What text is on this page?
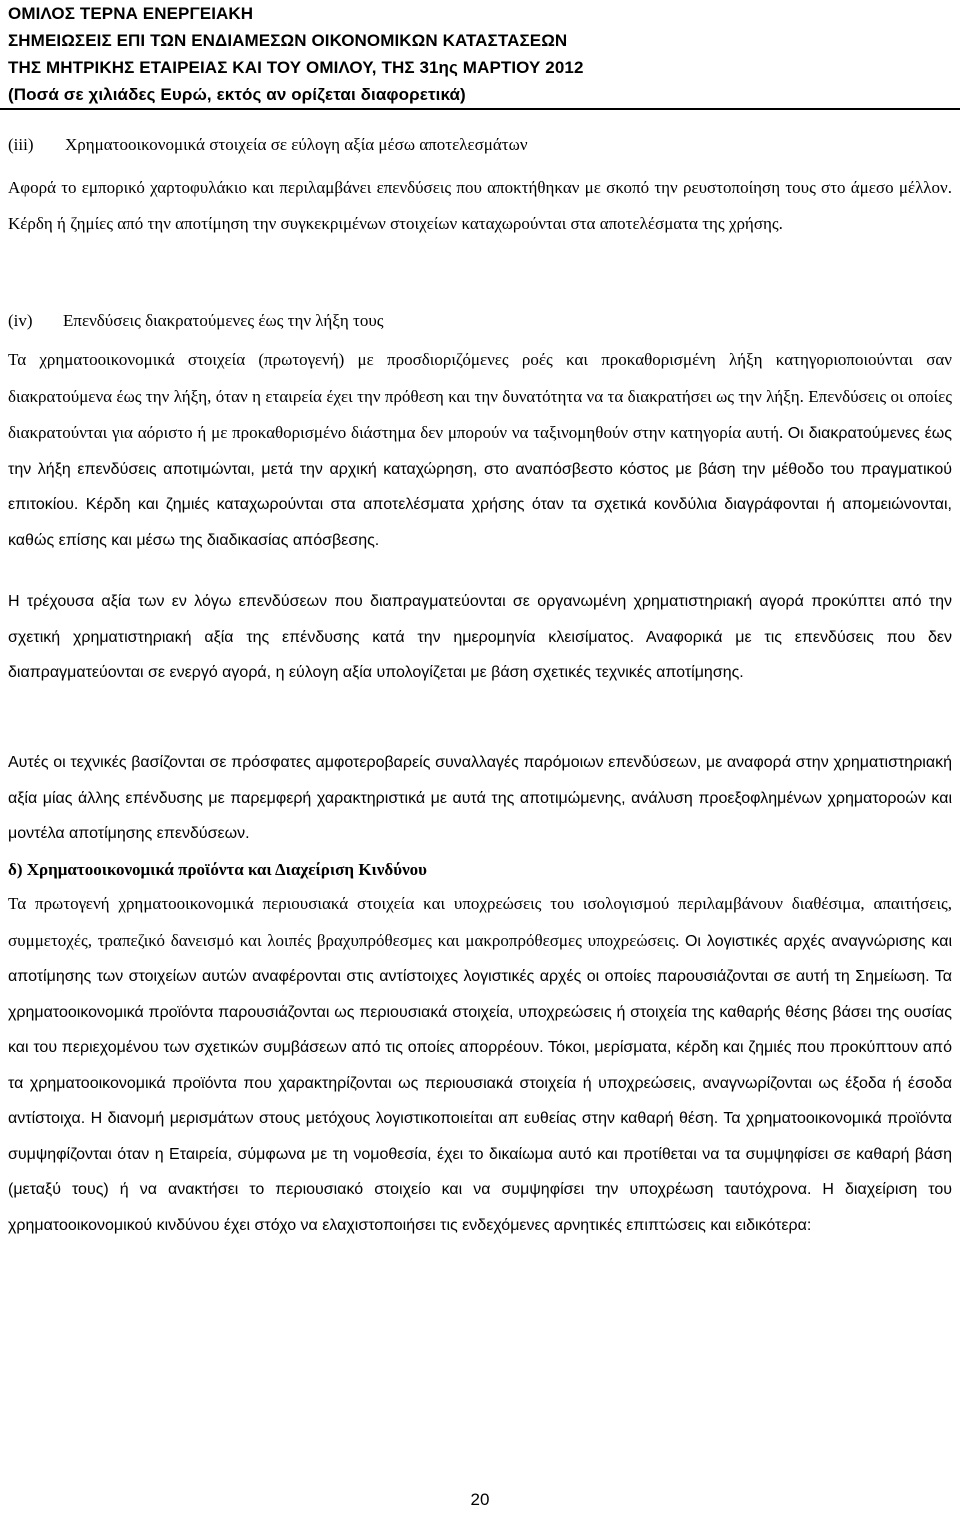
ΟΜΙΛΟΣ ΤΕΡΝΑ ΕΝΕΡΓΕΙΑΚΗ
ΣΗΜΕΙΩΣΕΙΣ ΕΠΙ ΤΩΝ ΕΝΔΙΑΜΕΣΩΝ ΟΙΚΟΝΟΜΙΚΩΝ ΚΑΤΑΣΤΑΣΕΩΝ
ΤΗΣ ΜΗΤΡΙΚΗΣ ΕΤΑΙΡΕΙΑΣ ΚΑΙ ΤΟΥ ΟΜΙΛΟΥ, ΤΗΣ 31ης ΜΑΡΤΙΟΥ 2012
(Ποσά σε χιλιάδες Ευρώ, εκτός αν ορίζεται διαφορετικά)
(iii) Χρηματοοικονομικά στοιχεία σε εύλογη αξία μέσω αποτελεσμάτων
Αφορά το εμπορικό χαρτοφυλάκιο και περιλαμβάνει επενδύσεις που αποκτήθηκαν με σκοπό την ρευστοποίηση τους στο άμεσο μέλλον. Κέρδη ή ζημίες από την αποτίμηση την συγκεκριμένων στοιχείων καταχωρούνται στα αποτελέσματα της χρήσης.
(iv) Επενδύσεις διακρατούμενες έως την λήξη τους
Τα χρηματοοικονομικά στοιχεία (πρωτογενή) με προσδιοριζόμενες ροές και προκαθορισμένη λήξη κατηγοριοποιούνται σαν διακρατούμενα έως την λήξη, όταν η εταιρεία έχει την πρόθεση και την δυνατότητα να τα διακρατήσει ως την λήξη. Επενδύσεις οι οποίες διακρατούνται για αόριστο ή με προκαθορισμένο διάστημα δεν μπορούν να ταξινομηθούν στην κατηγορία αυτή. Οι διακρατούμενες έως την λήξη επενδύσεις αποτιμώνται, μετά την αρχική καταχώρηση, στο αναπόσβεστο κόστος με βάση την μέθοδο του πραγματικού επιτοκίου. Κέρδη και ζημιές καταχωρούνται στα αποτελέσματα χρήσης όταν τα σχετικά κονδύλια διαγράφονται ή απομειώνονται, καθώς επίσης και μέσω της διαδικασίας απόσβεσης.
Η τρέχουσα αξία των εν λόγω επενδύσεων που διαπραγματεύονται σε οργανωμένη χρηματιστηριακή αγορά προκύπτει από την σχετική χρηματιστηριακή αξία της επένδυσης κατά την ημερομηνία κλεισίματος. Αναφορικά με τις επενδύσεις που δεν διαπραγματεύονται σε ενεργό αγορά, η εύλογη αξία υπολογίζεται με βάση σχετικές τεχνικές αποτίμησης.
Αυτές οι τεχνικές βασίζονται σε πρόσφατες αμφοτεροβαρείς συναλλαγές παρόμοιων επενδύσεων, με αναφορά στην χρηματιστηριακή αξία μίας άλλης επένδυσης με παρεμφερή χαρακτηριστικά με αυτά της αποτιμώμενης, ανάλυση προεξοφλημένων χρηματοροών και μοντέλα αποτίμησης επενδύσεων.
δ) Χρηματοοικονομικά προϊόντα και Διαχείριση Κινδύνου
Τα πρωτογενή χρηματοοικονομικά περιουσιακά στοιχεία και υποχρεώσεις του ισολογισμού περιλαμβάνουν διαθέσιμα, απαιτήσεις, συμμετοχές, τραπεζικό δανεισμό και λοιπές βραχυπρόθεσμες και μακροπρόθεσμες υποχρεώσεις. Οι λογιστικές αρχές αναγνώρισης και αποτίμησης των στοιχείων αυτών αναφέρονται στις αντίστοιχες λογιστικές αρχές οι οποίες παρουσιάζονται σε αυτή τη Σημείωση. Τα χρηματοοικονομικά προϊόντα παρουσιάζονται ως περιουσιακά στοιχεία, υποχρεώσεις ή στοιχεία της καθαρής θέσης βάσει της ουσίας και του περιεχομένου των σχετικών συμβάσεων από τις οποίες απορρέουν. Τόκοι, μερίσματα, κέρδη και ζημιές που προκύπτουν από τα χρηματοοικονομικά προϊόντα που χαρακτηρίζονται ως περιουσιακά στοιχεία ή υποχρεώσεις, αναγνωρίζονται ως έξοδα ή έσοδα αντίστοιχα. Η διανομή μερισμάτων στους μετόχους λογιστικοποιείται απ ευθείας στην καθαρή θέση. Τα χρηματοοικονομικά προϊόντα συμψηφίζονται όταν η Εταιρεία, σύμφωνα με τη νομοθεσία, έχει το δικαίωμα αυτό και προτίθεται να τα συμψηφίσει σε καθαρή βάση (μεταξύ τους) ή να ανακτήσει το περιουσιακό στοιχείο και να συμψηφίσει την υποχρέωση ταυτόχρονα. Η διαχείριση του χρηματοοικονομικού κινδύνου έχει στόχο να ελαχιστοποιήσει τις ενδεχόμενες αρνητικές επιπτώσεις και ειδικότερα:
20
